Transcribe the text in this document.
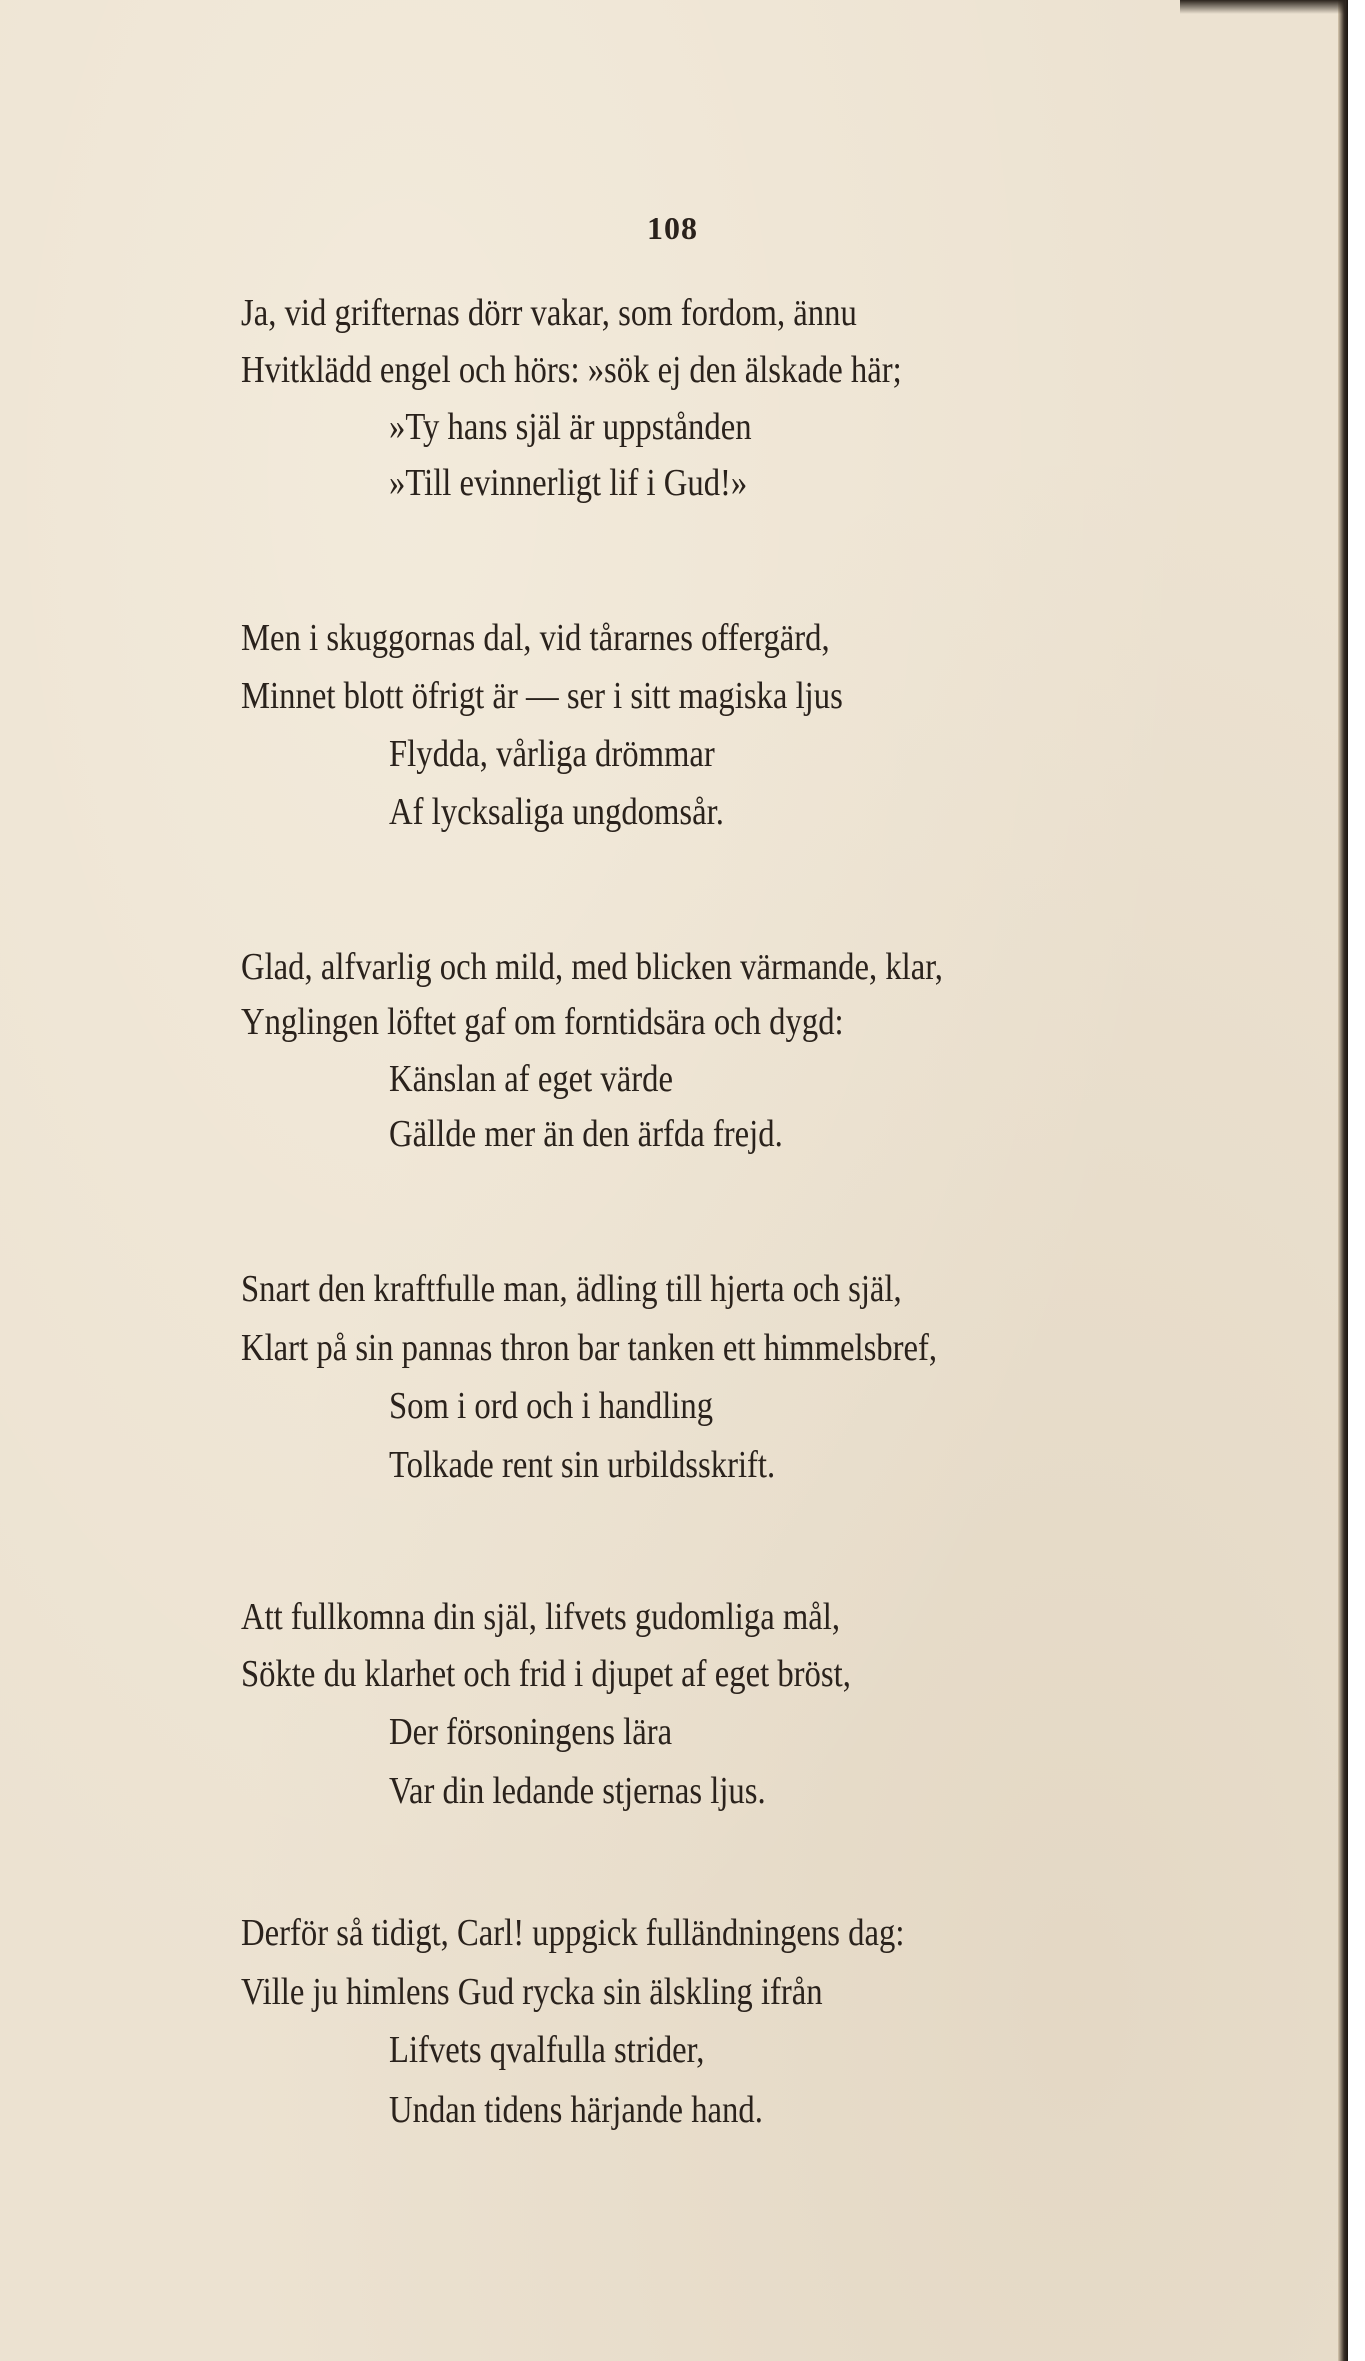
108
Ja, vid grifternas dörr vakar, som fordom, ännu
Hvitklädd engel och hörs: »sök ej den älskade här;
»Ty hans själ är uppstånden
»Till evinnerligt lif i Gud!»
Men i skuggornas dal, vid tårarnes offergärd,
Minnet blott öfrigt är — ser i sitt magiska ljus
Flydda, vårliga drömmar
Af lycksaliga ungdomsår.
Glad, alfvarlig och mild, med blicken värmande, klar,
Ynglingen löftet gaf om forntidsära och dygd:
Känslan af eget värde
Gällde mer än den ärfda frejd.
Snart den kraftfulle man, ädling till hjerta och själ,
Klart på sin pannas thron bar tanken ett himmelsbref,
Som i ord och i handling
Tolkade rent sin urbildsskrift.
Att fullkomna din själ, lifvets gudomliga mål,
Sökte du klarhet och frid i djupet af eget bröst,
Der försoningens lära
Var din ledande stjernas ljus.
Derför så tidigt, Carl! uppgick fulländningens dag:
Ville ju himlens Gud rycka sin älskling ifrån
Lifvets qvalfulla strider,
Undan tidens härjande hand.
